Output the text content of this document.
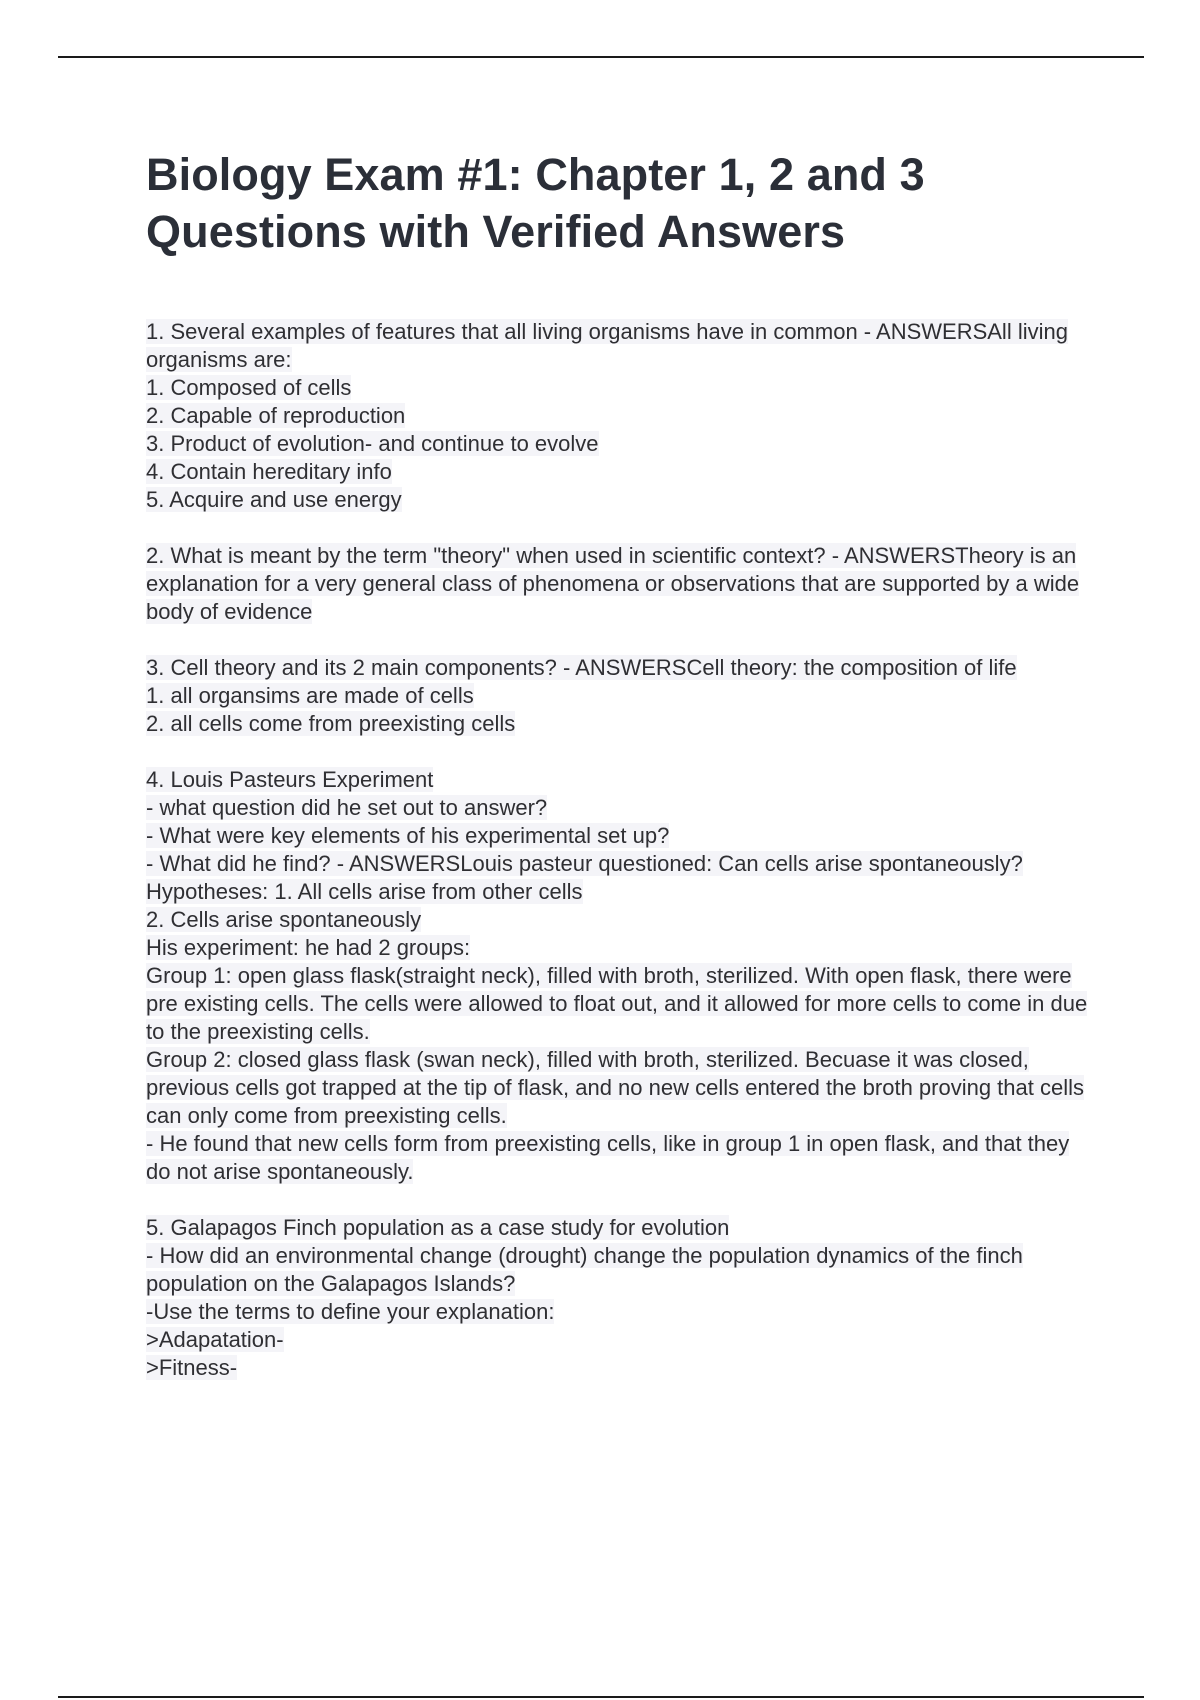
Biology Exam #1: Chapter 1, 2 and 3 Questions with Verified Answers
1. Several examples of features that all living organisms have in common - ANSWERSAll living organisms are:
1. Composed of cells
2. Capable of reproduction
3. Product of evolution- and continue to evolve
4. Contain hereditary info
5. Acquire and use energy
2. What is meant by the term "theory" when used in scientific context? - ANSWERSTheory is an explanation for a very general class of phenomena or observations that are supported by a wide body of evidence
3. Cell theory and its 2 main components? - ANSWERSCell theory: the composition of life
1. all organsims are made of cells
2. all cells come from preexisting cells
4. Louis Pasteurs Experiment
- what question did he set out to answer?
- What were key elements of his experimental set up?
- What did he find? - ANSWERSLouis pasteur questioned: Can cells arise spontaneously?
Hypotheses: 1. All cells arise from other cells
2. Cells arise spontaneously
His experiment: he had 2 groups:
Group 1: open glass flask(straight neck), filled with broth, sterilized. With open flask, there were pre existing cells. The cells were allowed to float out, and it allowed for more cells to come in due to the preexisting cells.
Group 2: closed glass flask (swan neck), filled with broth, sterilized. Becuase it was closed, previous cells got trapped at the tip of flask, and no new cells entered the broth proving that cells can only come from preexisting cells.
- He found that new cells form from preexisting cells, like in group 1 in open flask, and that they do not arise spontaneously.
5. Galapagos Finch population as a case study for evolution
- How did an environmental change (drought) change the population dynamics of the finch population on the Galapagos Islands?
-Use the terms to define your explanation:
>Adapatation-
>Fitness-
